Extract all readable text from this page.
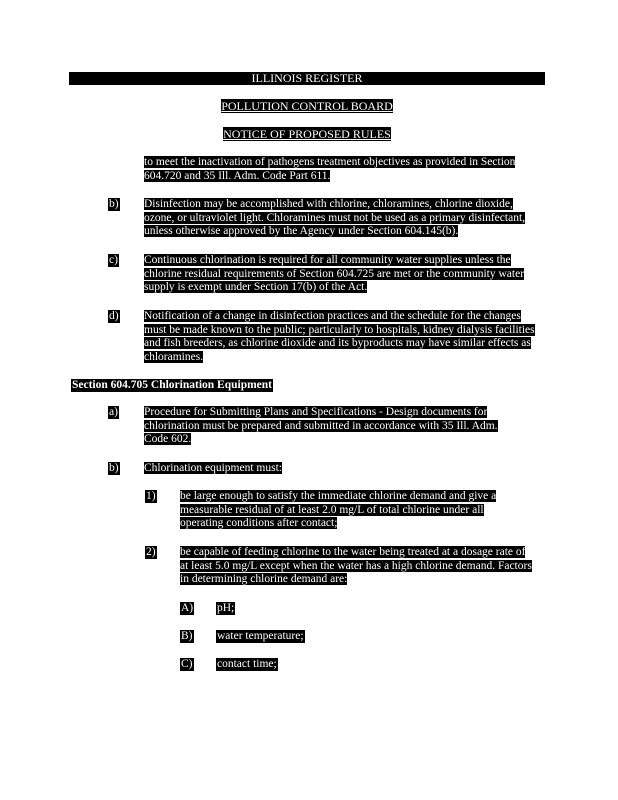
ILLINOIS REGISTER
POLLUTION CONTROL BOARD
NOTICE OF PROPOSED RULES
to meet the inactivation of pathogens treatment objectives as provided in Section 604.720 and 35 Ill. Adm. Code Part 611.
b) Disinfection may be accomplished with chlorine, chloramines, chlorine dioxide, ozone, or ultraviolet light. Chloramines must not be used as a primary disinfectant, unless otherwise approved by the Agency under Section 604.145(b).
c) Continuous chlorination is required for all community water supplies unless the chlorine residual requirements of Section 604.725 are met or the community water supply is exempt under Section 17(b) of the Act.
d) Notification of a change in disinfection practices and the schedule for the changes must be made known to the public; particularly to hospitals, kidney dialysis facilities and fish breeders, as chlorine dioxide and its byproducts may have similar effects as chloramines.
Section 604.705 Chlorination Equipment
a) Procedure for Submitting Plans and Specifications - Design documents for chlorination must be prepared and submitted in accordance with 35 Ill. Adm. Code 602.
b) Chlorination equipment must:
1) be large enough to satisfy the immediate chlorine demand and give a measurable residual of at least 2.0 mg/L of total chlorine under all operating conditions after contact;
2) be capable of feeding chlorine to the water being treated at a dosage rate of at least 5.0 mg/L except when the water has a high chlorine demand. Factors in determining chlorine demand are:
A) pH;
B) water temperature;
C) contact time;
